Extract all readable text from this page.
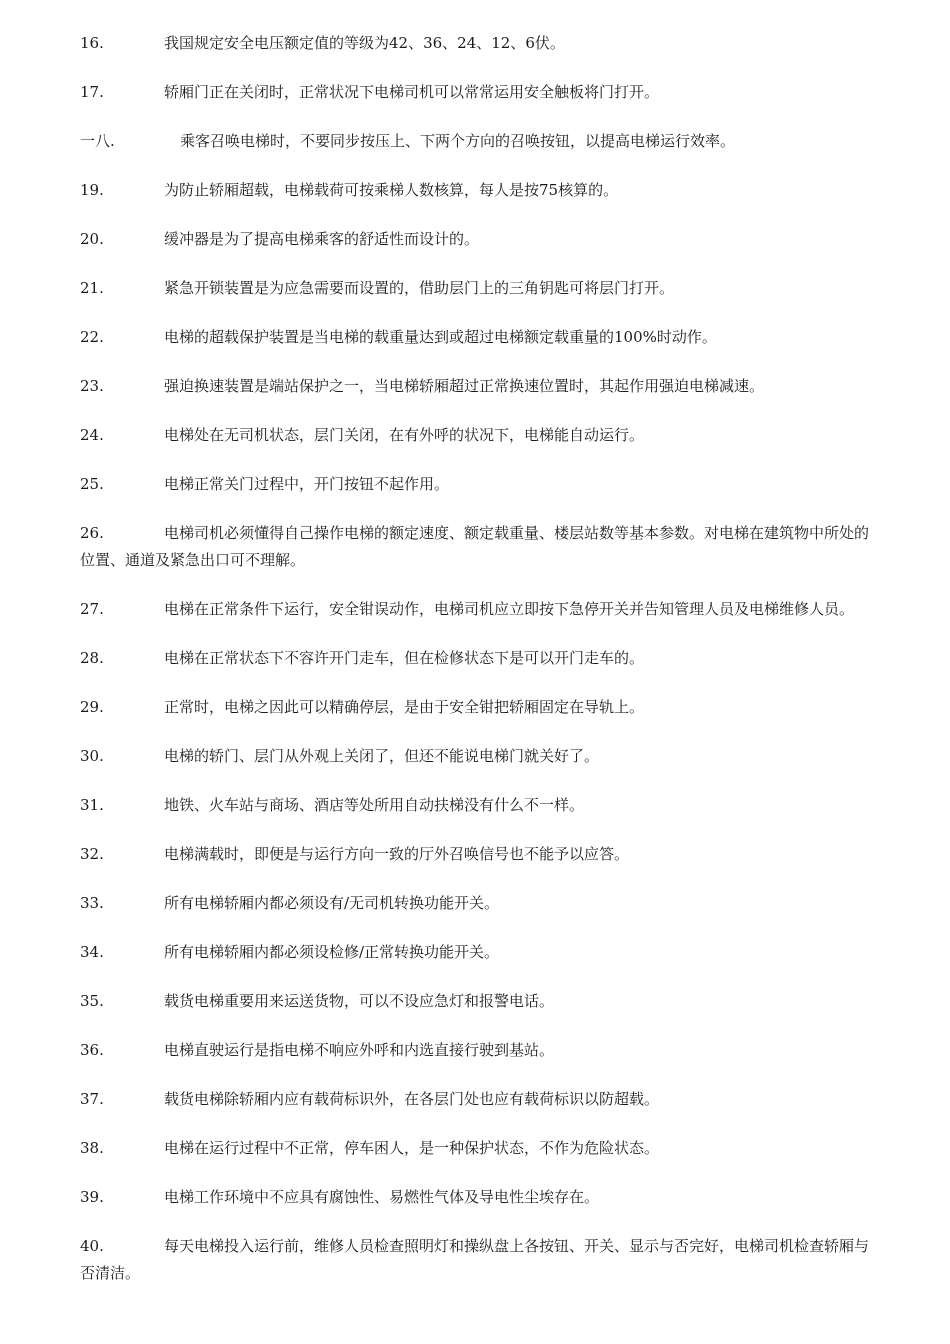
16.	我国规定安全电压额定值的等级为42、36、24、12、6伏。

17.	轿厢门正在关闭时，正常状况下电梯司机可以常常运用安全触板将门打开。

一八.	乘客召唤电梯时，不要同步按压上、下两个方向的召唤按钮，以提高电梯运行效率。

19.	为防止轿厢超载，电梯载荷可按乘梯人数核算，每人是按75核算的。

20.	缓冲器是为了提高电梯乘客的舒适性而设计的。

21.	紧急开锁装置是为应急需要而设置的，借助层门上的三角钥匙可将层门打开。

22.	电梯的超载保护装置是当电梯的载重量达到或超过电梯额定载重量的100%时动作。

23.	强迫换速装置是端站保护之一，当电梯轿厢超过正常换速位置时，其起作用强迫电梯减速。

24.	电梯处在无司机状态，层门关闭，在有外呼的状况下，电梯能自动运行。

25.	电梯正常关门过程中，开门按钮不起作用。

26.	电梯司机必须懂得自己操作电梯的额定速度、额定载重量、楼层站数等基本参数。对电梯在建筑物中所处的位置、通道及紧急出口可不理解。

27.	电梯在正常条件下运行，安全钳误动作，电梯司机应立即按下急停开关并告知管理人员及电梯维修人员。

28.	电梯在正常状态下不容许开门走车，但在检修状态下是可以开门走车的。

29.	正常时，电梯之因此可以精确停层，是由于安全钳把轿厢固定在导轨上。

30.	电梯的轿门、层门从外观上关闭了，但还不能说电梯门就关好了。

31.	地铁、火车站与商场、酒店等处所用自动扶梯没有什么不一样。

32.	电梯满载时，即便是与运行方向一致的厅外召唤信号也不能予以应答。

33.	所有电梯轿厢内都必须设有/无司机转换功能开关。

34.	所有电梯轿厢内都必须设检修/正常转换功能开关。

35.	载货电梯重要用来运送货物，可以不设应急灯和报警电话。

36.	电梯直驶运行是指电梯不响应外呼和内选直接行驶到基站。

37.	载货电梯除轿厢内应有载荷标识外，在各层门处也应有载荷标识以防超载。

38.	电梯在运行过程中不正常，停车困人，是一种保护状态，不作为危险状态。

39.	电梯工作环境中不应具有腐蚀性、易燃性气体及导电性尘埃存在。

40.	每天电梯投入运行前，维修人员检查照明灯和操纵盘上各按钮、开关、显示与否完好，电梯司机检查轿厢与否清洁。
